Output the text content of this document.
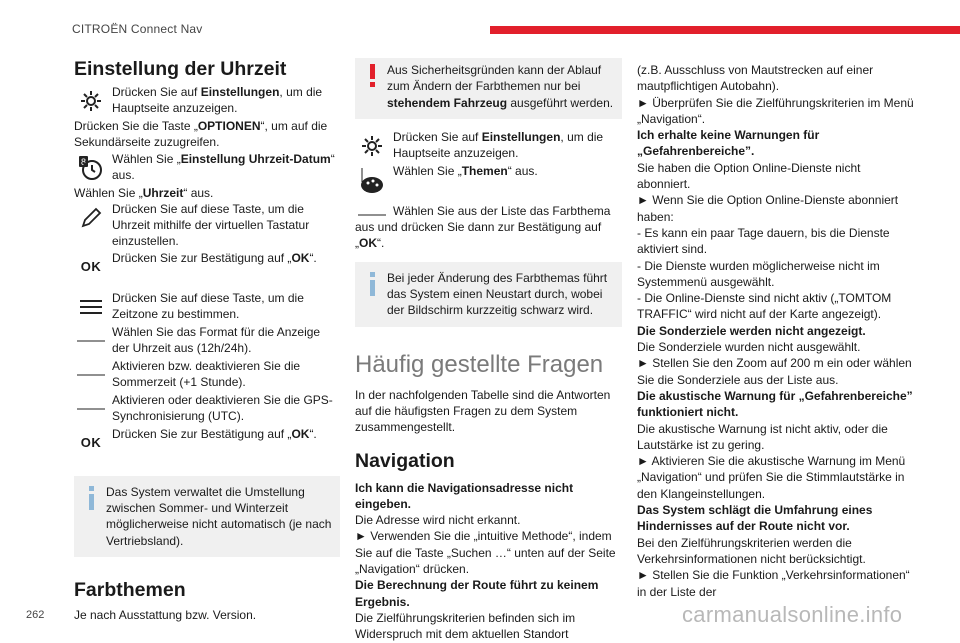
CITROËN Connect Nav
Einstellung der Uhrzeit

Drücken Sie auf Einstellungen, um die Hauptseite anzuzeigen.

Drücken Sie die Taste „OPTIONEN“, um auf die Sekundärseite zuzugreifen.

8 Wählen Sie „Einstellung Uhrzeit-Datum“ aus.

Wählen Sie „Uhrzeit“ aus.

Drücken Sie auf diese Taste, um die Uhrzeit mithilfe der virtuellen Tastatur einzustellen.

OK

Drücken Sie zur Bestätigung auf „OK“.

Drücken Sie auf diese Taste, um die Zeitzone zu bestimmen.

Wählen Sie das Format für die Anzeige der Uhrzeit aus (12h/24h).

Aktivieren bzw. deaktivieren Sie die Sommerzeit (+1 Stunde).

Aktivieren oder deaktivieren Sie die GPS-Synchronisierung (UTC).

OK

Drücken Sie zur Bestätigung auf „OK“.

Das System verwaltet die Umstellung zwischen Sommer- und Winterzeit möglicherweise nicht automatisch (je nach Vertriebsland).

Farbthemen

Je nach Ausstattung bzw. Version.

Aus Sicherheitsgründen kann der Ablauf zum Ändern der Farbthemen nur bei stehendem Fahrzeug ausgeführt werden.

Drücken Sie auf Einstellungen, um die Hauptseite anzuzeigen.

Wählen Sie „Themen“ aus.

Wählen Sie aus der Liste das Farbthema aus und drücken Sie dann zur Bestätigung auf „OK“.

Bei jeder Änderung des Farbthemas führt das System einen Neustart durch, wobei der Bildschirm kurzzeitig schwarz wird.

Häufig gestellte Fragen

In der nachfolgenden Tabelle sind die Antworten auf die häufigsten Fragen zu dem System zusammengestellt.

Navigation

Ich kann die Navigationsadresse nicht eingeben.

Die Adresse wird nicht erkannt.

► Verwenden Sie die „intuitive Methode“, indem Sie auf die Taste „Suchen …“ unten auf der Seite „Navigation“ drücken.

Die Berechnung der Route führt zu keinem Ergebnis.

Die Zielführungskriterien befinden sich im Widerspruch mit dem aktuellen Standort

(z.B. Ausschluss von Mautstrecken auf einer mautpflichtigen Autobahn).

► Überprüfen Sie die Zielführungskriterien im Menü „Navigation“.

Ich erhalte keine Warnungen für „Gefahrenbereiche”.

Sie haben die Option Online-Dienste nicht abonniert.

► Wenn Sie die Option Online-Dienste abonniert haben:

- Es kann ein paar Tage dauern, bis die Dienste aktiviert sind.

- Die Dienste wurden möglicherweise nicht im Systemmenü ausgewählt.

- Die Online-Dienste sind nicht aktiv („TOMTOM TRAFFIC“ wird nicht auf der Karte angezeigt).

Die Sonderziele werden nicht angezeigt.

Die Sonderziele wurden nicht ausgewählt.

► Stellen Sie den Zoom auf 200 m ein oder wählen Sie die Sonderziele aus der Liste aus.

Die akustische Warnung für „Gefahrenbereiche” funktioniert nicht.

Die akustische Warnung ist nicht aktiv, oder die Lautstärke ist zu gering.

► Aktivieren Sie die akustische Warnung im Menü „Navigation“ und prüfen Sie die Stimmlautstärke in den Klangeinstellungen.

Das System schlägt die Umfahrung eines Hindernisses auf der Route nicht vor.

Bei den Zielführungskriterien werden die Verkehrsinformationen nicht berücksichtigt.

► Stellen Sie die Funktion „Verkehrsinformationen“ in der Liste der

262	carmanualsonline.info
